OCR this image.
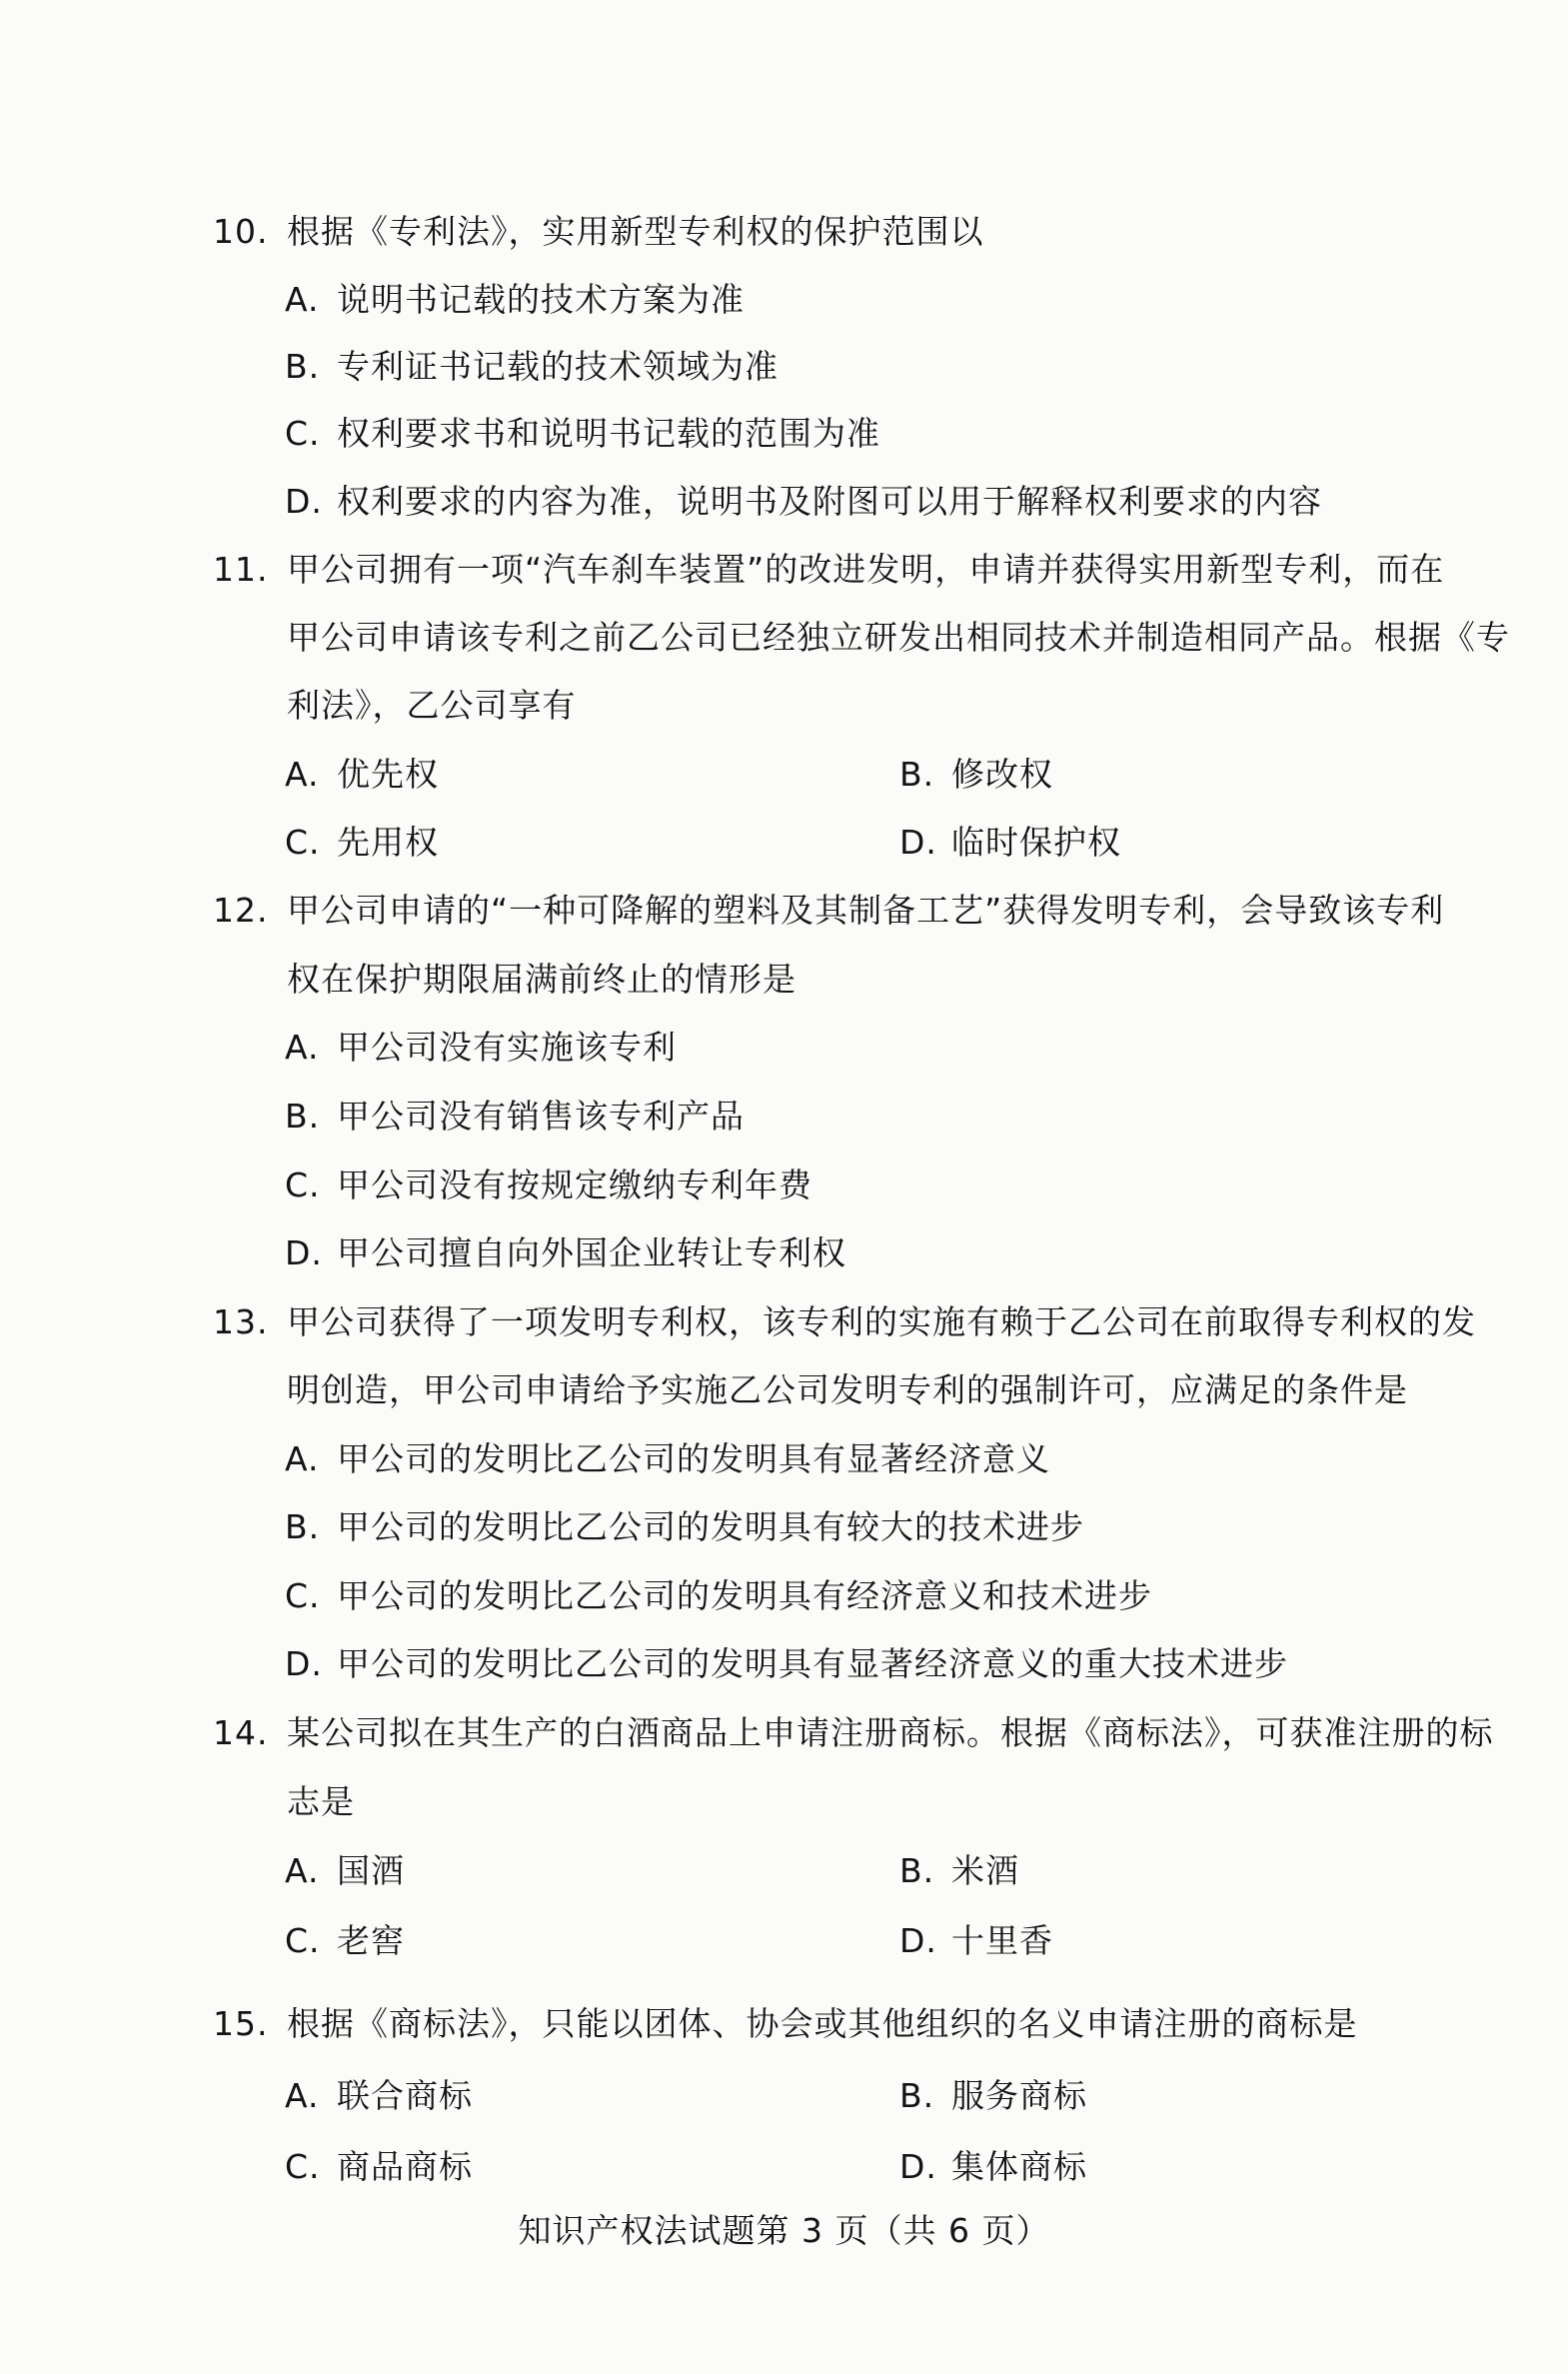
10. 根据《专利法》，实用新型专利权的保护范围以
A. 说明书记载的技术方案为准
B. 专利证书记载的技术领域为准
C. 权利要求书和说明书记载的范围为准
D. 权利要求的内容为准，说明书及附图可以用于解释权利要求的内容
11. 甲公司拥有一项“汽车刹车装置”的改进发明，申请并获得实用新型专利，而在
甲公司申请该专利之前乙公司已经独立研发出相同技术并制造相同产品。根据《专
利法》，乙公司享有
A. 优先权	B. 修改权
C. 先用权	D. 临时保护权
12. 甲公司申请的“一种可降解的塑料及其制备工艺”获得发明专利，会导致该专利
权在保护期限届满前终止的情形是
A. 甲公司没有实施该专利
B. 甲公司没有销售该专利产品
C. 甲公司没有按规定缴纳专利年费
D. 甲公司擅自向外国企业转让专利权
13. 甲公司获得了一项发明专利权，该专利的实施有赖于乙公司在前取得专利权的发
明创造，甲公司申请给予实施乙公司发明专利的强制许可，应满足的条件是
A. 甲公司的发明比乙公司的发明具有显著经济意义
B. 甲公司的发明比乙公司的发明具有较大的技术进步
C. 甲公司的发明比乙公司的发明具有经济意义和技术进步
D. 甲公司的发明比乙公司的发明具有显著经济意义的重大技术进步
14. 某公司拟在其生产的白酒商品上申请注册商标。根据《商标法》，可获准注册的标
志是
A. 国酒	B. 米酒
C. 老窖	D. 十里香
15. 根据《商标法》，只能以团体、协会或其他组织的名义申请注册的商标是
A. 联合商标	B. 服务商标
C. 商品商标	D. 集体商标
知识产权法试题第 3 页（共 6 页）
